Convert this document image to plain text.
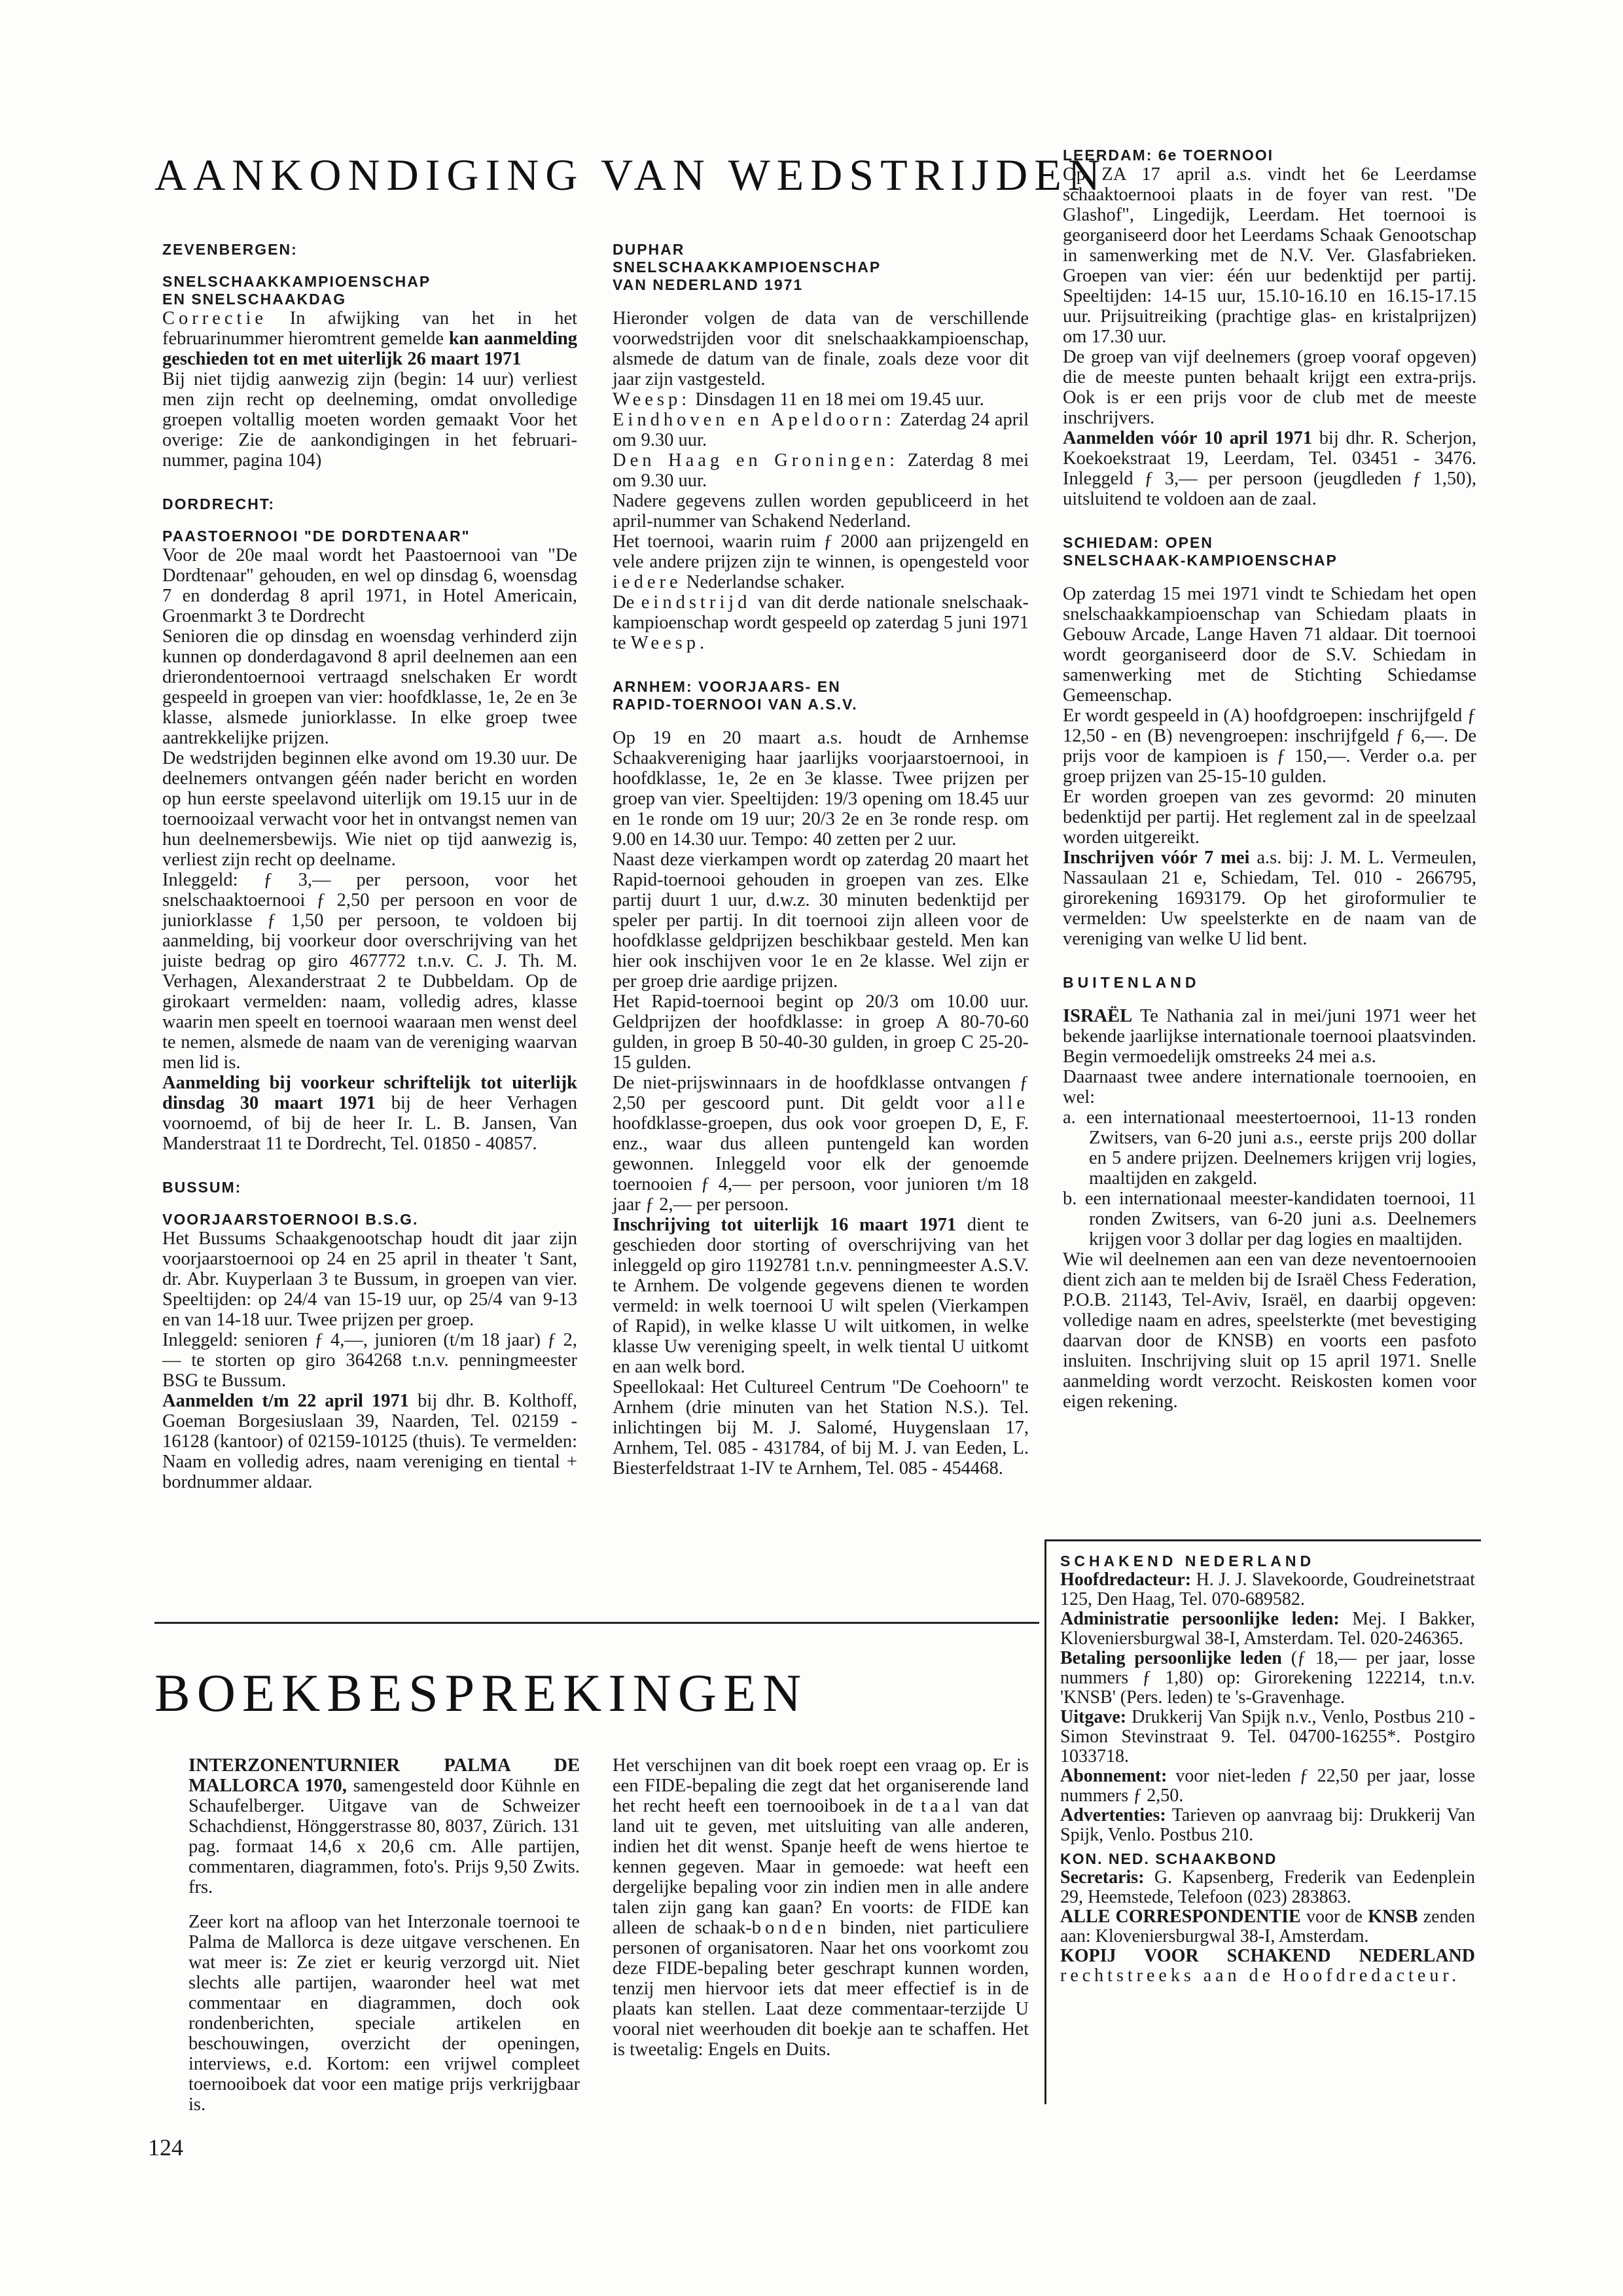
AANKONDIGING VAN WEDSTRIJDEN

ZEVENBERGEN:

SNELSCHAAKKAMPIOENSCHAP

EN SNELSCHAAKDAG

Correctie In afwijking van het in het februarinummer hieromtrent gemelde kan aanmelding geschieden tot en met uiterlijk 26 maart 1971

Bij niet tijdig aanwezig zijn (begin: 14 uur) verliest men zijn recht op deelneming, omdat onvolledige groepen voltallig moeten worden gemaakt Voor het overige: Zie de aankondigingen in het februari-nummer, pagina 104)

DORDRECHT:

PAASTOERNOOI "DE DORDTENAAR"

Voor de 20e maal wordt het Paastoernooi van "De Dordtenaar" gehouden, en wel op dinsdag 6, woensdag 7 en donderdag 8 april 1971, in Hotel Americain, Groenmarkt 3 te Dordrecht

Senioren die op dinsdag en woensdag verhinderd zijn kunnen op donderdagavond 8 april deelnemen aan een drierondentoernooi vertraagd snelschaken Er wordt gespeeld in groepen van vier: hoofdklasse, 1e, 2e en 3e klasse, alsmede juniorklasse. In elke groep twee aantrekkelijke prijzen.

De wedstrijden beginnen elke avond om 19.30 uur. De deelnemers ontvangen géén nader bericht en worden op hun eerste speelavond uiterlijk om 19.15 uur in de toernooizaal verwacht voor het in ontvangst nemen van hun deelnemersbewijs. Wie niet op tijd aanwezig is, verliest zijn recht op deelname.

Inleggeld: ƒ 3,— per persoon, voor het snelschaaktoernooi ƒ 2,50 per persoon en voor de juniorklasse ƒ 1,50 per persoon, te voldoen bij aanmelding, bij voorkeur door overschrijving van het juiste bedrag op giro 467772 t.n.v. C. J. Th. M. Verhagen, Alexanderstraat 2 te Dubbeldam. Op de girokaart vermelden: naam, volledig adres, klasse waarin men speelt en toernooi waaraan men wenst deel te nemen, alsmede de naam van de vereniging waarvan men lid is.

Aanmelding bij voorkeur schriftelijk tot uiterlijk dinsdag 30 maart 1971 bij de heer Verhagen voornoemd, of bij de heer Ir. L. B. Jansen, Van Manderstraat 11 te Dordrecht, Tel. 01850 - 40857.

BUSSUM:

VOORJAARSTOERNOOI B.S.G.

Het Bussums Schaakgenootschap houdt dit jaar zijn voorjaarstoernooi op 24 en 25 april in theater 't Sant, dr. Abr. Kuyperlaan 3 te Bussum, in groepen van vier. Speeltijden: op 24/4 van 15-19 uur, op 25/4 van 9-13 en van 14-18 uur. Twee prijzen per groep.

Inleggeld: senioren ƒ 4,—, junioren (t/m 18 jaar) ƒ 2,— te storten op giro 364268 t.n.v. penningmeester BSG te Bussum.

Aanmelden t/m 22 april 1971 bij dhr. B. Kolthoff, Goeman Borgesiuslaan 39, Naarden, Tel. 02159 - 16128 (kantoor) of 02159-10125 (thuis). Te vermelden: Naam en volledig adres, naam vereniging en tiental + bordnummer aldaar.

DUPHAR

SNELSCHAAKKAMPIOENSCHAP

VAN NEDERLAND 1971

Hieronder volgen de data van de verschillende voorwedstrijden voor dit snelschaakkampioenschap, alsmede de datum van de finale, zoals deze voor dit jaar zijn vastgesteld.

Weesp: Dinsdagen 11 en 18 mei om 19.45 uur.

Eindhoven en Apeldoorn: Zaterdag 24 april om 9.30 uur.

Den Haag en Groningen: Zaterdag 8 mei om 9.30 uur.

Nadere gegevens zullen worden gepubliceerd in het april-nummer van Schakend Nederland.

Het toernooi, waarin ruim ƒ 2000 aan prijzengeld en vele andere prijzen zijn te winnen, is opengesteld voor iedere Nederlandse schaker.

De eindstrijd van dit derde nationale snelschaak-kampioenschap wordt gespeeld op zaterdag 5 juni 1971 te Weesp.

ARNHEM: VOORJAARS- EN

RAPID-TOERNOOI VAN A.S.V.

Op 19 en 20 maart a.s. houdt de Arnhemse Schaakvereniging haar jaarlijks voorjaarstoernooi, in hoofdklasse, 1e, 2e en 3e klasse. Twee prijzen per groep van vier. Speeltijden: 19/3 opening om 18.45 uur en 1e ronde om 19 uur; 20/3 2e en 3e ronde resp. om 9.00 en 14.30 uur. Tempo: 40 zetten per 2 uur.

Naast deze vierkampen wordt op zaterdag 20 maart het Rapid-toernooi gehouden in groepen van zes. Elke partij duurt 1 uur, d.w.z. 30 minuten bedenktijd per speler per partij. In dit toernooi zijn alleen voor de hoofdklasse geldprijzen beschikbaar gesteld. Men kan hier ook inschijven voor 1e en 2e klasse. Wel zijn er per groep drie aardige prijzen.

Het Rapid-toernooi begint op 20/3 om 10.00 uur. Geldprijzen der hoofdklasse: in groep A 80-70-60 gulden, in groep B 50-40-30 gulden, in groep C 25-20-15 gulden.

De niet-prijswinnaars in de hoofdklasse ontvangen ƒ 2,50 per gescoord punt. Dit geldt voor alle hoofdklasse-groepen, dus ook voor groepen D, E, F. enz., waar dus alleen puntengeld kan worden gewonnen. Inleggeld voor elk der genoemde toernooien ƒ 4,— per persoon, voor junioren t/m 18 jaar ƒ 2,— per persoon.

Inschrijving tot uiterlijk 16 maart 1971 dient te geschieden door storting of overschrijving van het inleggeld op giro 1192781 t.n.v. penningmeester A.S.V. te Arnhem. De volgende gegevens dienen te worden vermeld: in welk toernooi U wilt spelen (Vierkampen of Rapid), in welke klasse U wilt uitkomen, in welke klasse Uw vereniging speelt, in welk tiental U uitkomt en aan welk bord.

Speellokaal: Het Cultureel Centrum "De Coehoorn" te Arnhem (drie minuten van het Station N.S.). Tel. inlichtingen bij M. J. Salomé, Huygenslaan 17, Arnhem, Tel. 085 - 431784, of bij M. J. van Eeden, L. Biesterfeldstraat 1-IV te Arnhem, Tel. 085 - 454468.

LEERDAM: 6e TOERNOOI

Op ZA 17 april a.s. vindt het 6e Leerdamse schaaktoernooi plaats in de foyer van rest. "De Glashof", Lingedijk, Leerdam. Het toernooi is georganiseerd door het Leerdams Schaak Genootschap in samenwerking met de N.V. Ver. Glasfabrieken. Groepen van vier: één uur bedenktijd per partij. Speeltijden: 14-15 uur, 15.10-16.10 en 16.15-17.15 uur. Prijsuitreiking (prachtige glas- en kristalprijzen) om 17.30 uur.

De groep van vijf deelnemers (groep vooraf opgeven) die de meeste punten behaalt krijgt een extra-prijs. Ook is er een prijs voor de club met de meeste inschrijvers.

Aanmelden vóór 10 april 1971 bij dhr. R. Scherjon, Koekoekstraat 19, Leerdam, Tel. 03451 - 3476. Inleggeld ƒ 3,— per persoon (jeugdleden ƒ 1,50), uitsluitend te voldoen aan de zaal.

SCHIEDAM: OPEN

SNELSCHAAK-KAMPIOENSCHAP

Op zaterdag 15 mei 1971 vindt te Schiedam het open snelschaakkampioenschap van Schiedam plaats in Gebouw Arcade, Lange Haven 71 aldaar. Dit toernooi wordt georganiseerd door de S.V. Schiedam in samenwerking met de Stichting Schiedamse Gemeenschap.

Er wordt gespeeld in (A) hoofdgroepen: inschrijfgeld ƒ 12,50 - en (B) nevengroepen: inschrijfgeld ƒ 6,—. De prijs voor de kampioen is ƒ 150,—. Verder o.a. per groep prijzen van 25-15-10 gulden.

Er worden groepen van zes gevormd: 20 minuten bedenktijd per partij. Het reglement zal in de speelzaal worden uitgereikt.

Inschrijven vóór 7 mei a.s. bij: J. M. L. Vermeulen, Nassaulaan 21 e, Schiedam, Tel. 010 - 266795, girorekening 1693179. Op het giroformulier te vermelden: Uw speelsterkte en de naam van de vereniging van welke U lid bent.

BUITENLAND

ISRAËL Te Nathania zal in mei/juni 1971 weer het bekende jaarlijkse internationale toernooi plaatsvinden. Begin vermoedelijk omstreeks 24 mei a.s.

Daarnaast twee andere internationale toernooien, en wel:

a. een internationaal meestertoernooi, 11-13 ronden Zwitsers, van 6-20 juni a.s., eerste prijs 200 dollar en 5 andere prijzen. Deelnemers krijgen vrij logies, maaltijden en zakgeld.

b. een internationaal meester-kandidaten toernooi, 11 ronden Zwitsers, van 6-20 juni a.s. Deelnemers krijgen voor 3 dollar per dag logies en maaltijden.

Wie wil deelnemen aan een van deze neventoernooien dient zich aan te melden bij de Israël Chess Federation, P.O.B. 21143, Tel-Aviv, Israël, en daarbij opgeven: volledige naam en adres, speelsterkte (met bevestiging daarvan door de KNSB) en voorts een pasfoto insluiten. Inschrijving sluit op 15 april 1971. Snelle aanmelding wordt verzocht. Reiskosten komen voor eigen rekening.

BOEKBESPREKINGEN

INTERZONENTURNIER PALMA DE MALLORCA 1970, samengesteld door Kühnle en Schaufelberger. Uitgave van de Schweizer Schachdienst, Hönggerstrasse 80, 8037, Zürich. 131 pag. formaat 14,6 x 20,6 cm. Alle partijen, commentaren, diagrammen, foto's. Prijs 9,50 Zwits. frs.

Zeer kort na afloop van het Interzonale toernooi te Palma de Mallorca is deze uitgave verschenen. En wat meer is: Ze ziet er keurig verzorgd uit. Niet slechts alle partijen, waaronder heel wat met commentaar en diagrammen, doch ook rondenberichten, speciale artikelen en beschouwingen, overzicht der openingen, interviews, e.d. Kortom: een vrijwel compleet toernooiboek dat voor een matige prijs verkrijgbaar is.

Het verschijnen van dit boek roept een vraag op. Er is een FIDE-bepaling die zegt dat het organiserende land het recht heeft een toernooiboek in de taal van dat land uit te geven, met uitsluiting van alle anderen, indien het dit wenst. Spanje heeft de wens hiertoe te kennen gegeven. Maar in gemoede: wat heeft een dergelijke bepaling voor zin indien men in alle andere talen zijn gang kan gaan? En voorts: de FIDE kan alleen de schaak-bonden binden, niet particuliere personen of organisatoren. Naar het ons voorkomt zou deze FIDE-bepaling beter geschrapt kunnen worden, tenzij men hiervoor iets dat meer effectief is in de plaats kan stellen. Laat deze commentaar-terzijde U vooral niet weerhouden dit boekje aan te schaffen. Het is tweetalig: Engels en Duits.

SCHAKEND NEDERLAND

Hoofdredacteur: H. J. J. Slavekoorde, Goudreinetstraat 125, Den Haag, Tel. 070-689582.

Administratie persoonlijke leden: Mej. I Bakker, Kloveniersburgwal 38-I, Amsterdam. Tel. 020-246365.

Betaling persoonlijke leden (ƒ 18,— per jaar, losse nummers ƒ 1,80) op: Girorekening 122214, t.n.v. 'KNSB' (Pers. leden) te 's-Gravenhage.

Uitgave: Drukkerij Van Spijk n.v., Venlo, Postbus 210 - Simon Stevinstraat 9. Tel. 04700-16255*. Postgiro 1033718.

Abonnement: voor niet-leden ƒ 22,50 per jaar, losse nummers ƒ 2,50.

Advertenties: Tarieven op aanvraag bij: Drukkerij Van Spijk, Venlo. Postbus 210.

KON. NED. SCHAAKBOND

Secretaris: G. Kapsenberg, Frederik van Eedenplein 29, Heemstede, Telefoon (023) 283863.

ALLE CORRESPONDENTIE voor de KNSB zenden aan: Kloveniersburgwal 38-I, Amsterdam.

KOPIJ VOOR SCHAKEND NEDERLAND rechtstreeks aan de Hoofdredacteur.

124
